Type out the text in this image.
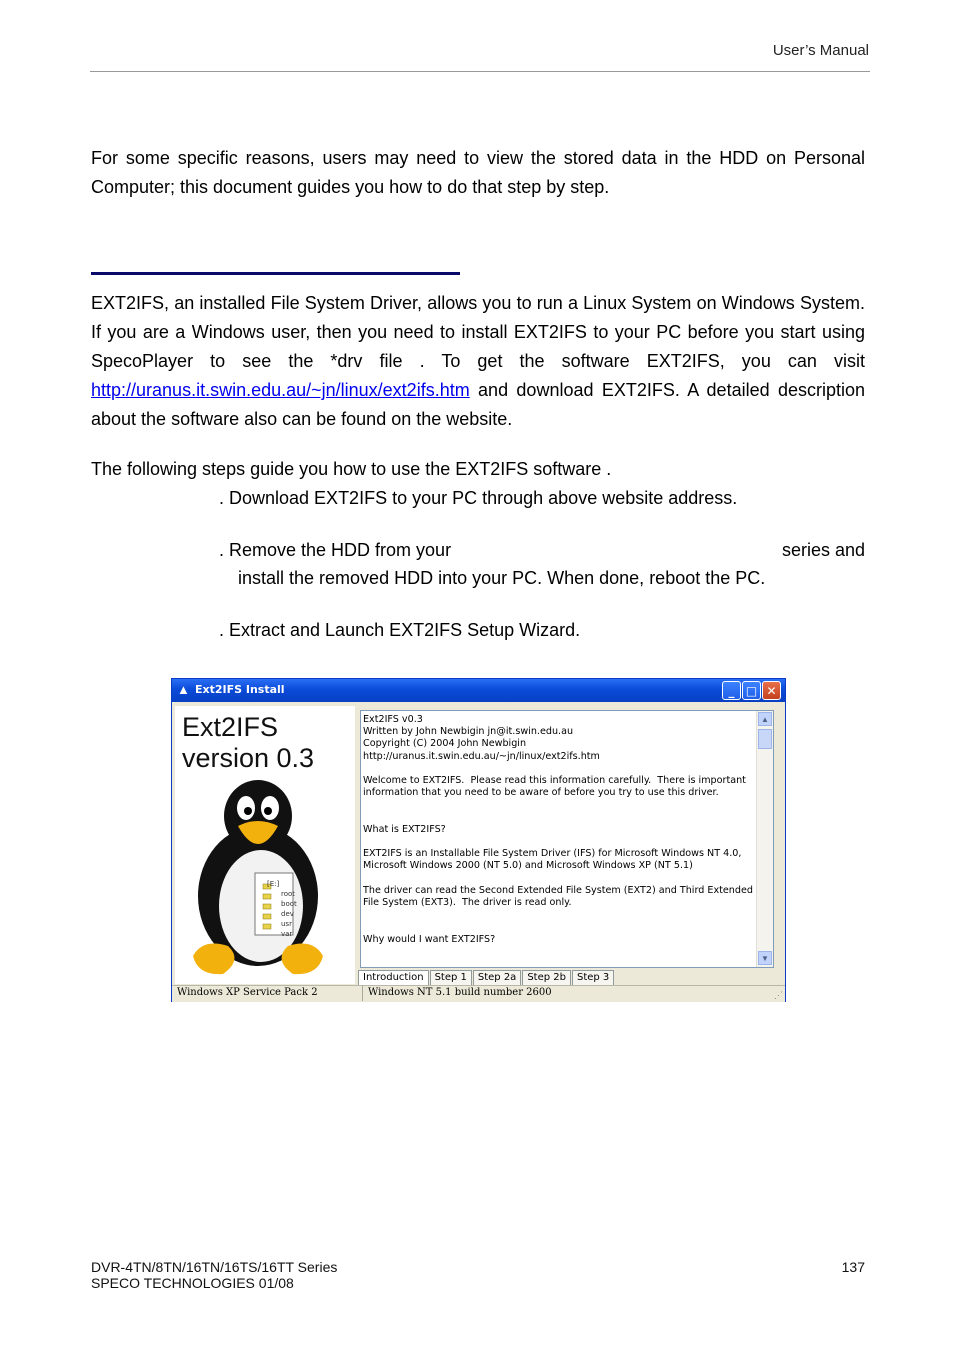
User’s Manual
For some specific reasons, users may need to view the stored data in the HDD on Personal Computer; this document guides you how to do that step by step.
EXT2IFS, an installed File System Driver, allows you to run a Linux System on Windows System. If you are a Windows user, then you need to install EXT2IFS to your PC before you start using SpecoPlayer to see the *drv file . To get the software EXT2IFS, you can visit http://uranus.it.swin.edu.au/~jn/linux/ext2ifs.htm and download EXT2IFS. A detailed description about the software also can be found on the website.
The following steps guide you how to use the EXT2IFS software .
. Download EXT2IFS to your PC through above website address.
. Remove the HDD from your	series and
install the removed HDD into your PC. When done, reboot the PC.
. Extract and Launch EXT2IFS Setup Wizard.
▲ Ext2IFS Install	_ □ ✕
Ext2IFS
version 0.3
[E:]
root
boot
dev
usr
var
Ext2IFS v0.3
Written by John Newbigin jn@it.swin.edu.au
Copyright (C) 2004 John Newbigin
http://uranus.it.swin.edu.au/~jn/linux/ext2ifs.htm

Welcome to EXT2IFS.  Please read this information carefully.  There is important
information that you need to be aware of before you try to use this driver.

What is EXT2IFS?

EXT2IFS is an Installable File System Driver (IFS) for Microsoft Windows NT 4.0,
Microsoft Windows 2000 (NT 5.0) and Microsoft Windows XP (NT 5.1)

The driver can read the Second Extended File System (EXT2) and Third Extended
File System (EXT3).  The driver is read only.

Why would I want EXT2IFS?
▲
▼
Introduction	Step 1	Step 2a	Step 2b	Step 3
Windows XP Service Pack 2	Windows NT 5.1 build number 2600	⋰
DVR-4TN/8TN/16TN/16TS/16TT Series
SPECO TECHNOLOGIES 01/08
137
